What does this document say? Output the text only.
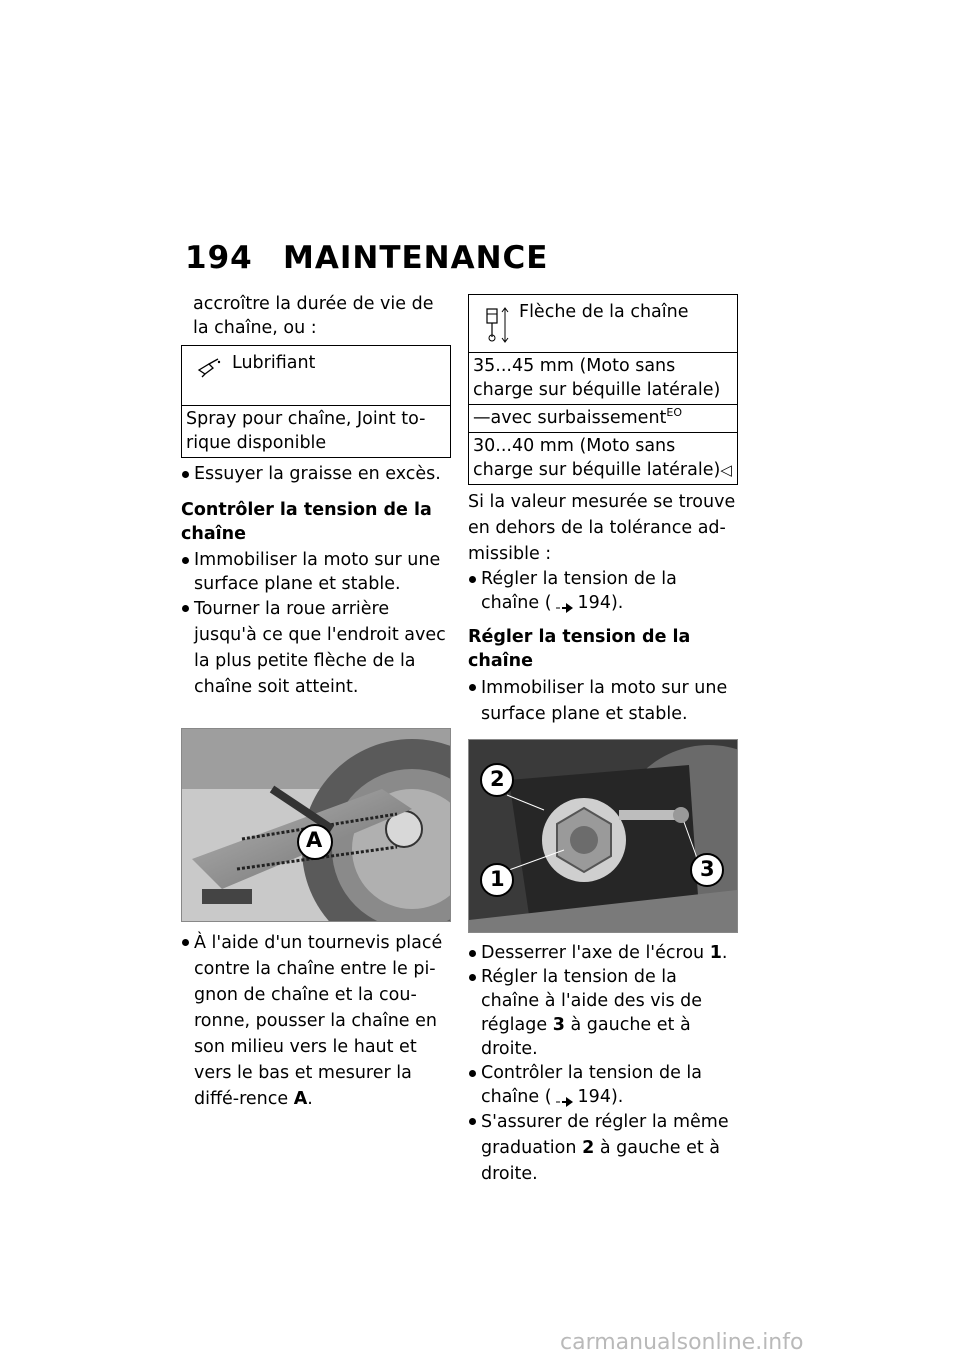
194 MAINTENANCE

accroître la durée de vie de la chaîne, ou :

Lubrifiant
Spray pour chaîne, Joint to-rique disponible

Essuyer la graisse en excès.

Contrôler la tension de la chaîne

Immobiliser la moto sur une surface plane et stable.

Tourner la roue arrière jusqu'à ce que l'endroit avec la plus petite flèche de la chaîne soit atteint.

A

À l'aide d'un tournevis placé contre la chaîne entre le pi-gnon de chaîne et la cou-ronne, pousser la chaîne en son milieu vers le haut et vers le bas et mesurer la diffé-rence A.

Flèche de la chaîne
35...45 mm (Moto sans charge sur béquille latérale)
—avec surbaissement$^{EO}$
30...40 mm (Moto sans charge sur béquille latérale)◁

Si la valeur mesurée se trouve en dehors de la tolérance ad-missible :

Régler la tension de la chaîne ( 194).

Régler la tension de la chaîne

Immobiliser la moto sur une surface plane et stable.

2
1	3

Desserrer l'axe de l'écrou 1.

Régler la tension de la chaîne à l'aide des vis de réglage 3 à gauche et à droite.

Contrôler la tension de la chaîne ( 194).

S'assurer de régler la même graduation 2 à gauche et à droite.

carmanualsonline.info
